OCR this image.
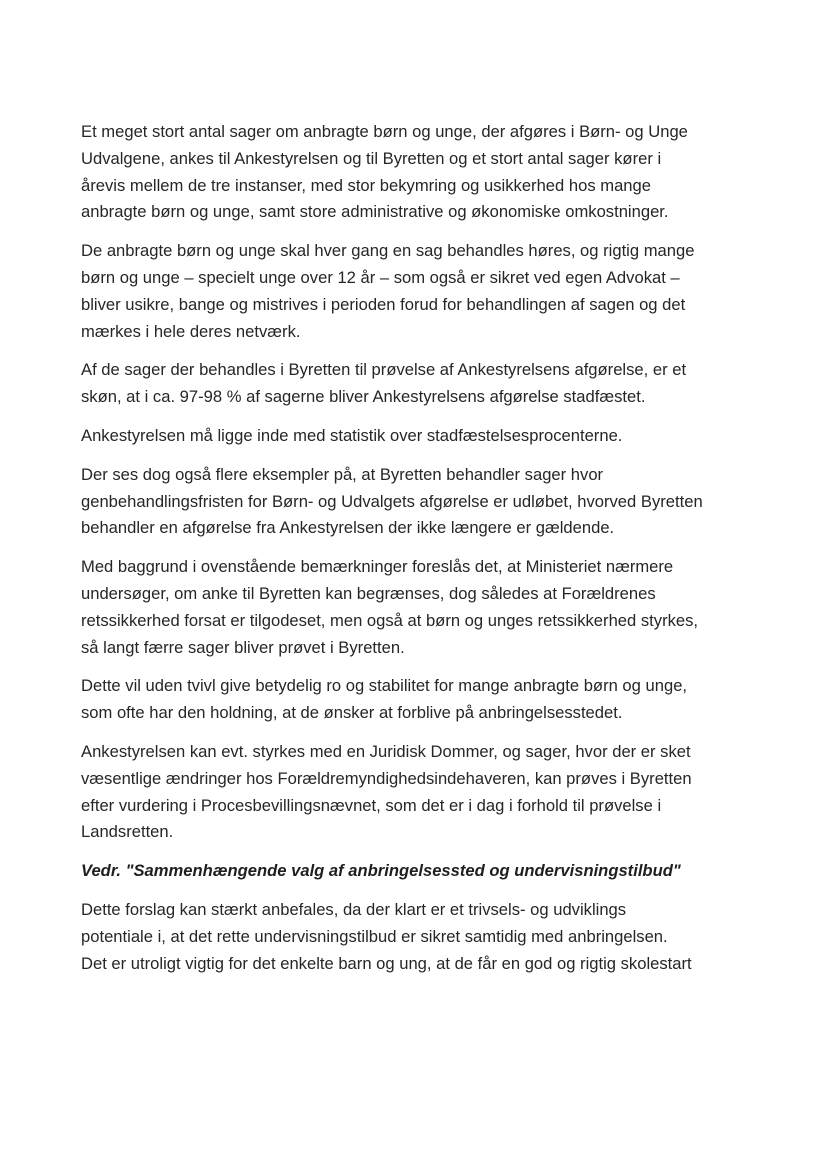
Et meget stort antal sager om anbragte børn og unge, der afgøres i Børn- og Unge
Udvalgene, ankes til Ankestyrelsen og til Byretten og et stort antal sager kører i
årevis mellem de tre instanser, med stor bekymring og usikkerhed hos mange
anbragte børn og unge, samt store administrative og økonomiske omkostninger.

De anbragte børn og unge skal hver gang en sag behandles høres, og rigtig mange
børn og unge – specielt unge over 12 år – som også er sikret ved egen Advokat –
bliver usikre, bange og mistrives i perioden forud for behandlingen af sagen og det
mærkes i hele deres netværk.

Af de sager der behandles i Byretten til prøvelse af Ankestyrelsens afgørelse, er et
skøn, at i ca. 97-98 % af sagerne bliver Ankestyrelsens afgørelse stadfæstet.

Ankestyrelsen må ligge inde med statistik over stadfæstelsesprocenterne.

Der ses dog også flere eksempler på, at Byretten behandler sager hvor
genbehandlingsfristen for Børn- og Udvalgets afgørelse er udløbet, hvorved Byretten
behandler en afgørelse fra Ankestyrelsen der ikke længere er gældende.

Med baggrund i ovenstående bemærkninger foreslås det, at Ministeriet nærmere
undersøger, om anke til Byretten kan begrænses, dog således at Forældrenes
retssikkerhed forsat er tilgodeset, men også at børn og unges retssikkerhed styrkes,
så langt færre sager bliver prøvet i Byretten.

Dette vil uden tvivl give betydelig ro og stabilitet for mange anbragte børn og unge,
som ofte har den holdning, at de ønsker at forblive på anbringelsesstedet.

Ankestyrelsen kan evt. styrkes med en Juridisk Dommer, og sager, hvor der er sket
væsentlige ændringer hos Forældremyndighedsindehaveren, kan prøves i Byretten
efter vurdering i Procesbevillingsnævnet, som det er i dag i forhold til prøvelse i
Landsretten.

Vedr. "Sammenhængende valg af anbringelsessted og undervisningstilbud"

Dette forslag kan stærkt anbefales, da der klart er et trivsels- og udviklings
potentiale i, at det rette undervisningstilbud er sikret samtidig med anbringelsen.
Det er utroligt vigtig for det enkelte barn og ung, at de får en god og rigtig skolestart
